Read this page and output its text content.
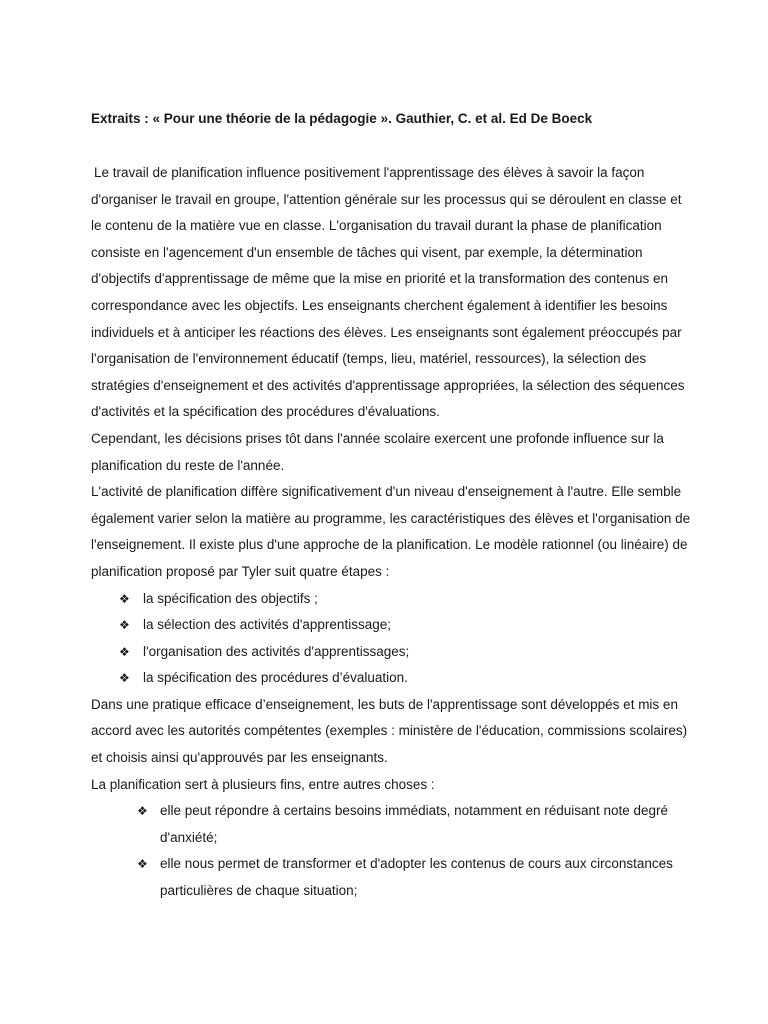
Extraits : « Pour une théorie de la pédagogie ». Gauthier, C. et al. Ed De Boeck

Le travail de planification influence positivement l'apprentissage des élèves à savoir la façon d'organiser le travail en groupe, l'attention générale sur les processus qui se déroulent en classe et le contenu de la matière vue en classe. L'organisation du travail durant la phase de planification consiste en l'agencement d'un ensemble de tâches qui visent, par exemple, la détermination d'objectifs d'apprentissage de même que la mise en priorité et la transformation des contenus en correspondance avec les objectifs. Les enseignants cherchent également à identifier les besoins individuels et à anticiper les réactions des élèves. Les enseignants sont également préoccupés par l'organisation de l'environnement éducatif (temps, lieu, matériel, ressources), la sélection des stratégies d'enseignement et des activités d'apprentissage appropriées, la sélection des séquences d'activités et la spécification des procédures d'évaluations.

Cependant, les décisions prises tôt dans l'année scolaire exercent une profonde influence sur la planification du reste de l'année.

L'activité de planification diffère significativement d'un niveau d'enseignement à l'autre. Elle semble également varier selon la matière au programme, les caractéristiques des élèves et l'organisation de l'enseignement. Il existe plus d'une approche de la planification. Le modèle rationnel (ou linéaire) de planification proposé par Tyler suit quatre étapes :

❖ la spécification des objectifs ;
❖ la sélection des activités d'apprentissage;
❖ l'organisation des activités d'apprentissages;
❖ la spécification des procédures d’évaluation.

Dans une pratique efficace d’enseignement, les buts de l'apprentissage sont développés et mis en accord avec les autorités compétentes (exemples : ministère de l'éducation, commissions scolaires) et choisis ainsi qu'approuvés par les enseignants.

La planification sert à plusieurs fins, entre autres choses :

❖ elle peut répondre à certains besoins immédiats, notamment en réduisant note degré d'anxiété;
❖ elle nous permet de transformer et d'adopter les contenus de cours aux circonstances particulières de chaque situation;
